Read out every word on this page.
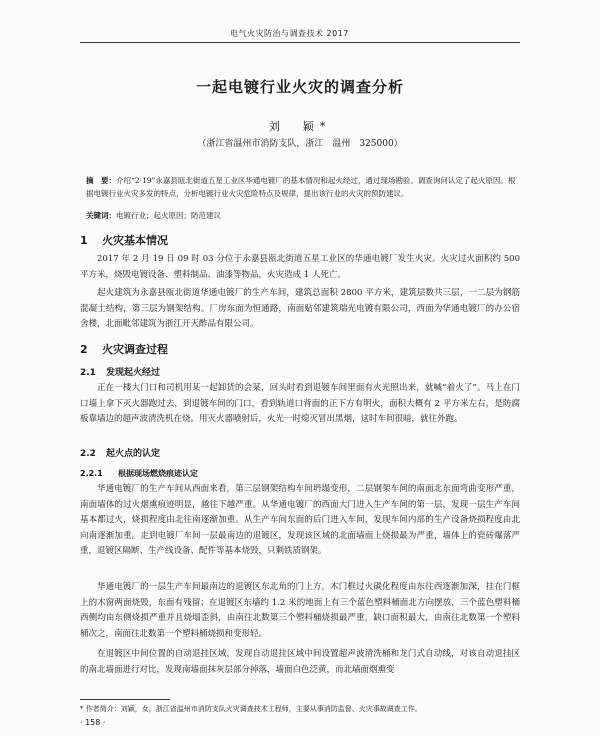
电气火灾防治与调查技术 2017
一起电镀行业火灾的调查分析
刘　颖*
（浙江省温州市消防支队，浙江　温州　325000）

摘　要：介绍“2·19”永嘉县瓯北街道五星工业区华通电镀厂的基本情况和起火经过，通过现场勘验、调查询问认定了起火原因。根据电镀行业火灾多发的特点，分析电镀行业火灾危险特点及规律，提出该行业的火灾的预防建议。

关键词：电镀行业；起火原因；防范建议

1 火灾基本情况

2017 年 2 月 19 日 09 时 03 分位于永嘉县瓯北街道五星工业区的华通电镀厂发生火灾。火灾过火面积约 500 平方米，烧毁电镀设备、塑料制品、油漆等物品，火灾造成 1 人死亡。

起火建筑为永嘉县瓯北街道华通电镀厂的生产车间，建筑总面积 2800 平方米，建筑层数共三层，一二层为钢筋混凝土结构，第三层为钢架结构。厂房东面为恒通路，南面贴邻建筑瑞光电镀有限公司，西面为华通电镀厂的办公宿舍楼，北面毗邻建筑为浙江开天酢品有限公司。

2 火灾调查过程
2.1 发现起火经过

正在一楼大门口和司机用某一起卸货的会某，回头时看到退镀车间里面有火光照出来，就喊“着火了”。马上在门口墙上拿下灭火器跑过去，到退镀车间的门口，看到轨道口背面的正下方有明火，面积大概有 2 平方米左右，是防腐板靠墙边的超声波清洗机在烧。用灭火器喷射后，火光一时熄灭冒出黑烟，这时车间很暗，就往外跑。

2.2 起火点的认定
2.2.1 根据现场燃烧痕迹认定

华通电镀厂的生产车间从西面来看，第三层钢架结构车间坍塌变形，二层钢架车间的南面北东面弯曲变形严重，南面墙体的过火烟熏痕迹明显，越往下越严重。从华通电镀厂的西面大门进入生产车间的第一层，发现一层生产车间基本都过火，烧损程度由北往南逐渐加重。从生产车间东面的后门进入车间，发现车间内部的生产设备烧损程度由北向南逐渐加重。走到电镀厂车间一层最南边的退镀区，发现该区域的北面墙面上烧损最为严重，墙体上的瓷砖爆落严重，退镀区隔断、生产线设备、配件等基本烧毁，只剩铁质钢架。

华通电镀厂的一层生产车间最南边的退镀区东北角的门上方，木门框过火碳化程度由东往西逐渐加深，挂在门框上的木窗两面烧毁，东面有残留；在退镀区东墙约 1.2 米的地面上有三个蓝色塑料桶面北方向摆放，三个蓝色塑料桶西侧均由东侧烧损严重并且烧塌歪斜，由南往北数第三个塑料桶烧损最严重，缺口面积最大，由南往北数第一个塑料桶次之，南面往北数第一个塑料桶烧损和变形轻。

在退镀区中间位置的自动退挂区域，发现自动退挂区域中间设置超声波清洗桶和龙门式自动线，对该自动退挂区的南北墙面进行对比，发现南墙面抹灰层部分掉落，墙面白色泛黄，而北墙面烟熏变

* 作者简介：刘颖，女，浙江省温州市消防支队火灾调查技术工程师，主要从事消防监督、火灾事故调查工作。
· 158 ·
